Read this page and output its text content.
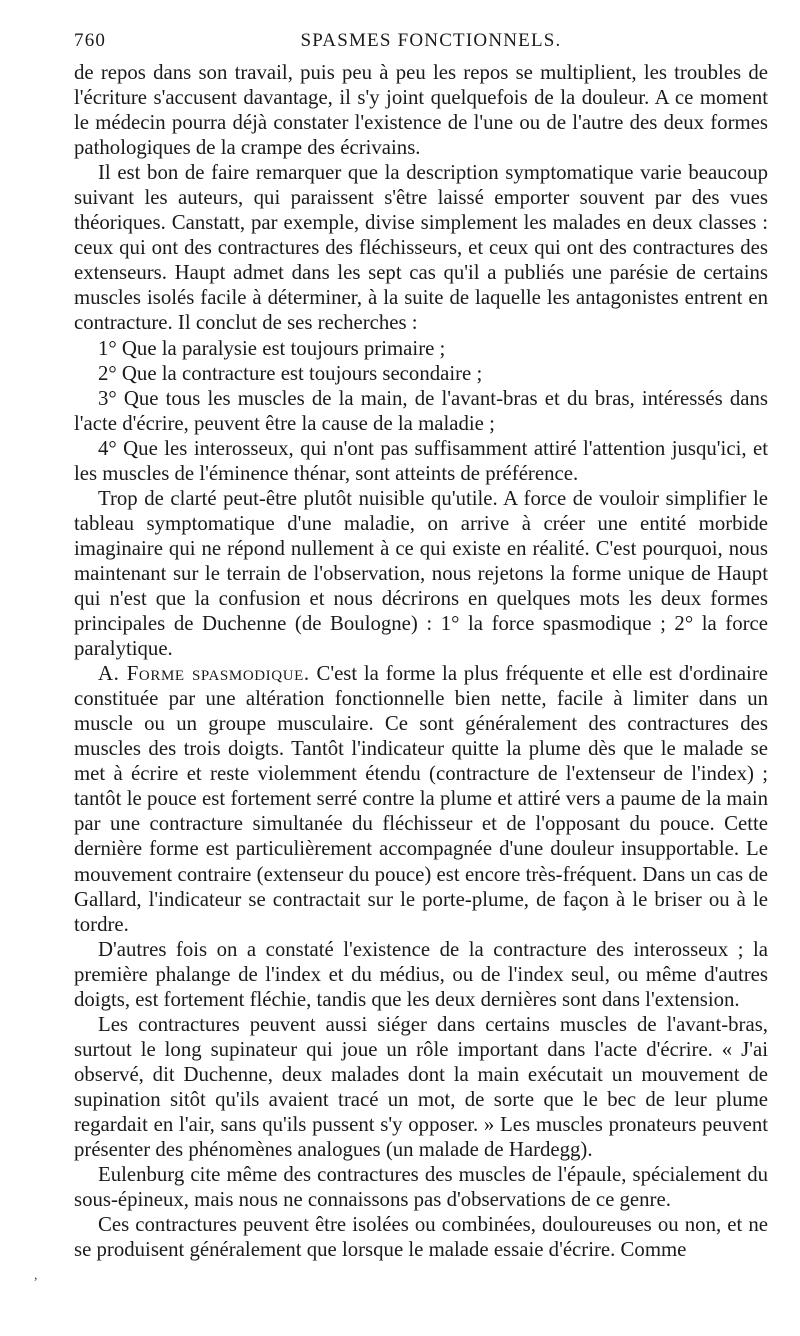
760	SPASMES FONCTIONNELS.

de repos dans son travail, puis peu à peu les repos se multiplient, les troubles de l'écriture s'accusent davantage, il s'y joint quelquefois de la douleur. A ce moment le médecin pourra déjà constater l'existence de l'une ou de l'autre des deux formes pathologiques de la crampe des écrivains.

Il est bon de faire remarquer que la description symptomatique varie beaucoup suivant les auteurs, qui paraissent s'être laissé emporter souvent par des vues théoriques. Canstatt, par exemple, divise simplement les malades en deux classes : ceux qui ont des contractures des fléchisseurs, et ceux qui ont des contractures des extenseurs. Haupt admet dans les sept cas qu'il a publiés une parésie de certains muscles isolés facile à déterminer, à la suite de laquelle les antagonistes entrent en contracture. Il conclut de ses recherches :

1° Que la paralysie est toujours primaire ;

2° Que la contracture est toujours secondaire ;

3° Que tous les muscles de la main, de l'avant-bras et du bras, intéressés dans l'acte d'écrire, peuvent être la cause de la maladie ;

4° Que les interosseux, qui n'ont pas suffisamment attiré l'attention jusqu'ici, et les muscles de l'éminence thénar, sont atteints de préférence.

Trop de clarté peut-être plutôt nuisible qu'utile. A force de vouloir simplifier le tableau symptomatique d'une maladie, on arrive à créer une entité morbide imaginaire qui ne répond nullement à ce qui existe en réalité. C'est pourquoi, nous maintenant sur le terrain de l'observation, nous rejetons la forme unique de Haupt qui n'est que la confusion et nous décrirons en quelques mots les deux formes principales de Duchenne (de Boulogne) : 1° la force spasmodique ; 2° la force paralytique.

A. Forme spasmodique. C'est la forme la plus fréquente et elle est d'ordinaire constituée par une altération fonctionnelle bien nette, facile à limiter dans un muscle ou un groupe musculaire. Ce sont généralement des contractures des muscles des trois doigts. Tantôt l'indicateur quitte la plume dès que le malade se met à écrire et reste violemment étendu (contracture de l'extenseur de l'index) ; tantôt le pouce est fortement serré contre la plume et attiré vers a paume de la main par une contracture simultanée du fléchisseur et de l'opposant du pouce. Cette dernière forme est particulièrement accompagnée d'une douleur insupportable. Le mouvement contraire (extenseur du pouce) est encore très-fréquent. Dans un cas de Gallard, l'indicateur se contractait sur le porte-plume, de façon à le briser ou à le tordre.

D'autres fois on a constaté l'existence de la contracture des interosseux ; la première phalange de l'index et du médius, ou de l'index seul, ou même d'autres doigts, est fortement fléchie, tandis que les deux dernières sont dans l'extension.

Les contractures peuvent aussi siéger dans certains muscles de l'avant-bras, surtout le long supinateur qui joue un rôle important dans l'acte d'écrire. « J'ai observé, dit Duchenne, deux malades dont la main exécutait un mouvement de supination sitôt qu'ils avaient tracé un mot, de sorte que le bec de leur plume regardait en l'air, sans qu'ils pussent s'y opposer. » Les muscles pronateurs peuvent présenter des phénomènes analogues (un malade de Hardegg).

Eulenburg cite même des contractures des muscles de l'épaule, spécialement du sous-épineux, mais nous ne connaissons pas d'observations de ce genre.

Ces contractures peuvent être isolées ou combinées, douloureuses ou non, et ne se produisent généralement que lorsque le malade essaie d'écrire. Comme

,
